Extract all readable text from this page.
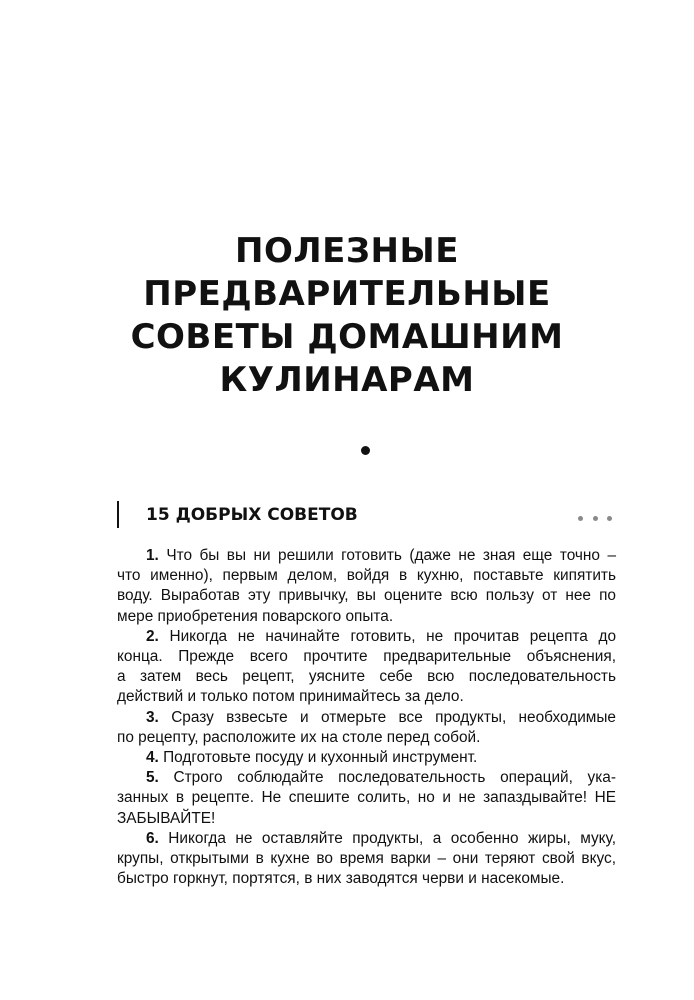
ПОЛЕЗНЫЕ
ПРЕДВАРИТЕЛЬНЫЕ
СОВЕТЫ ДОМАШНИМ
КУЛИНАРАМ
15 ДОБРЫХ СОВЕТОВ

1. Что бы вы ни решили готовить (даже не зная еще точно –
что именно), первым делом, войдя в кухню, поставьте кипятить
воду. Выработав эту привычку, вы оцените всю пользу от нее по
мере приобретения поварского опыта.

2. Никогда не начинайте готовить, не прочитав рецепта до
конца. Прежде всего прочтите предварительные объяснения,
а затем весь рецепт, уясните себе всю последовательность
действий и только потом принимайтесь за дело.

3. Сразу взвесьте и отмерьте все продукты, необходимые
по рецепту, расположите их на столе перед собой.

4. Подготовьте посуду и кухонный инструмент.

5. Строго соблюдайте последовательность операций, ука-
занных в рецепте. Не спешите солить, но и не запаздывайте! НЕ
ЗАБЫВАЙТЕ!

6. Никогда не оставляйте продукты, а особенно жиры, муку,
крупы, открытыми в кухне во время варки – они теряют свой вкус,
быстро горкнут, портятся, в них заводятся черви и насекомые.
